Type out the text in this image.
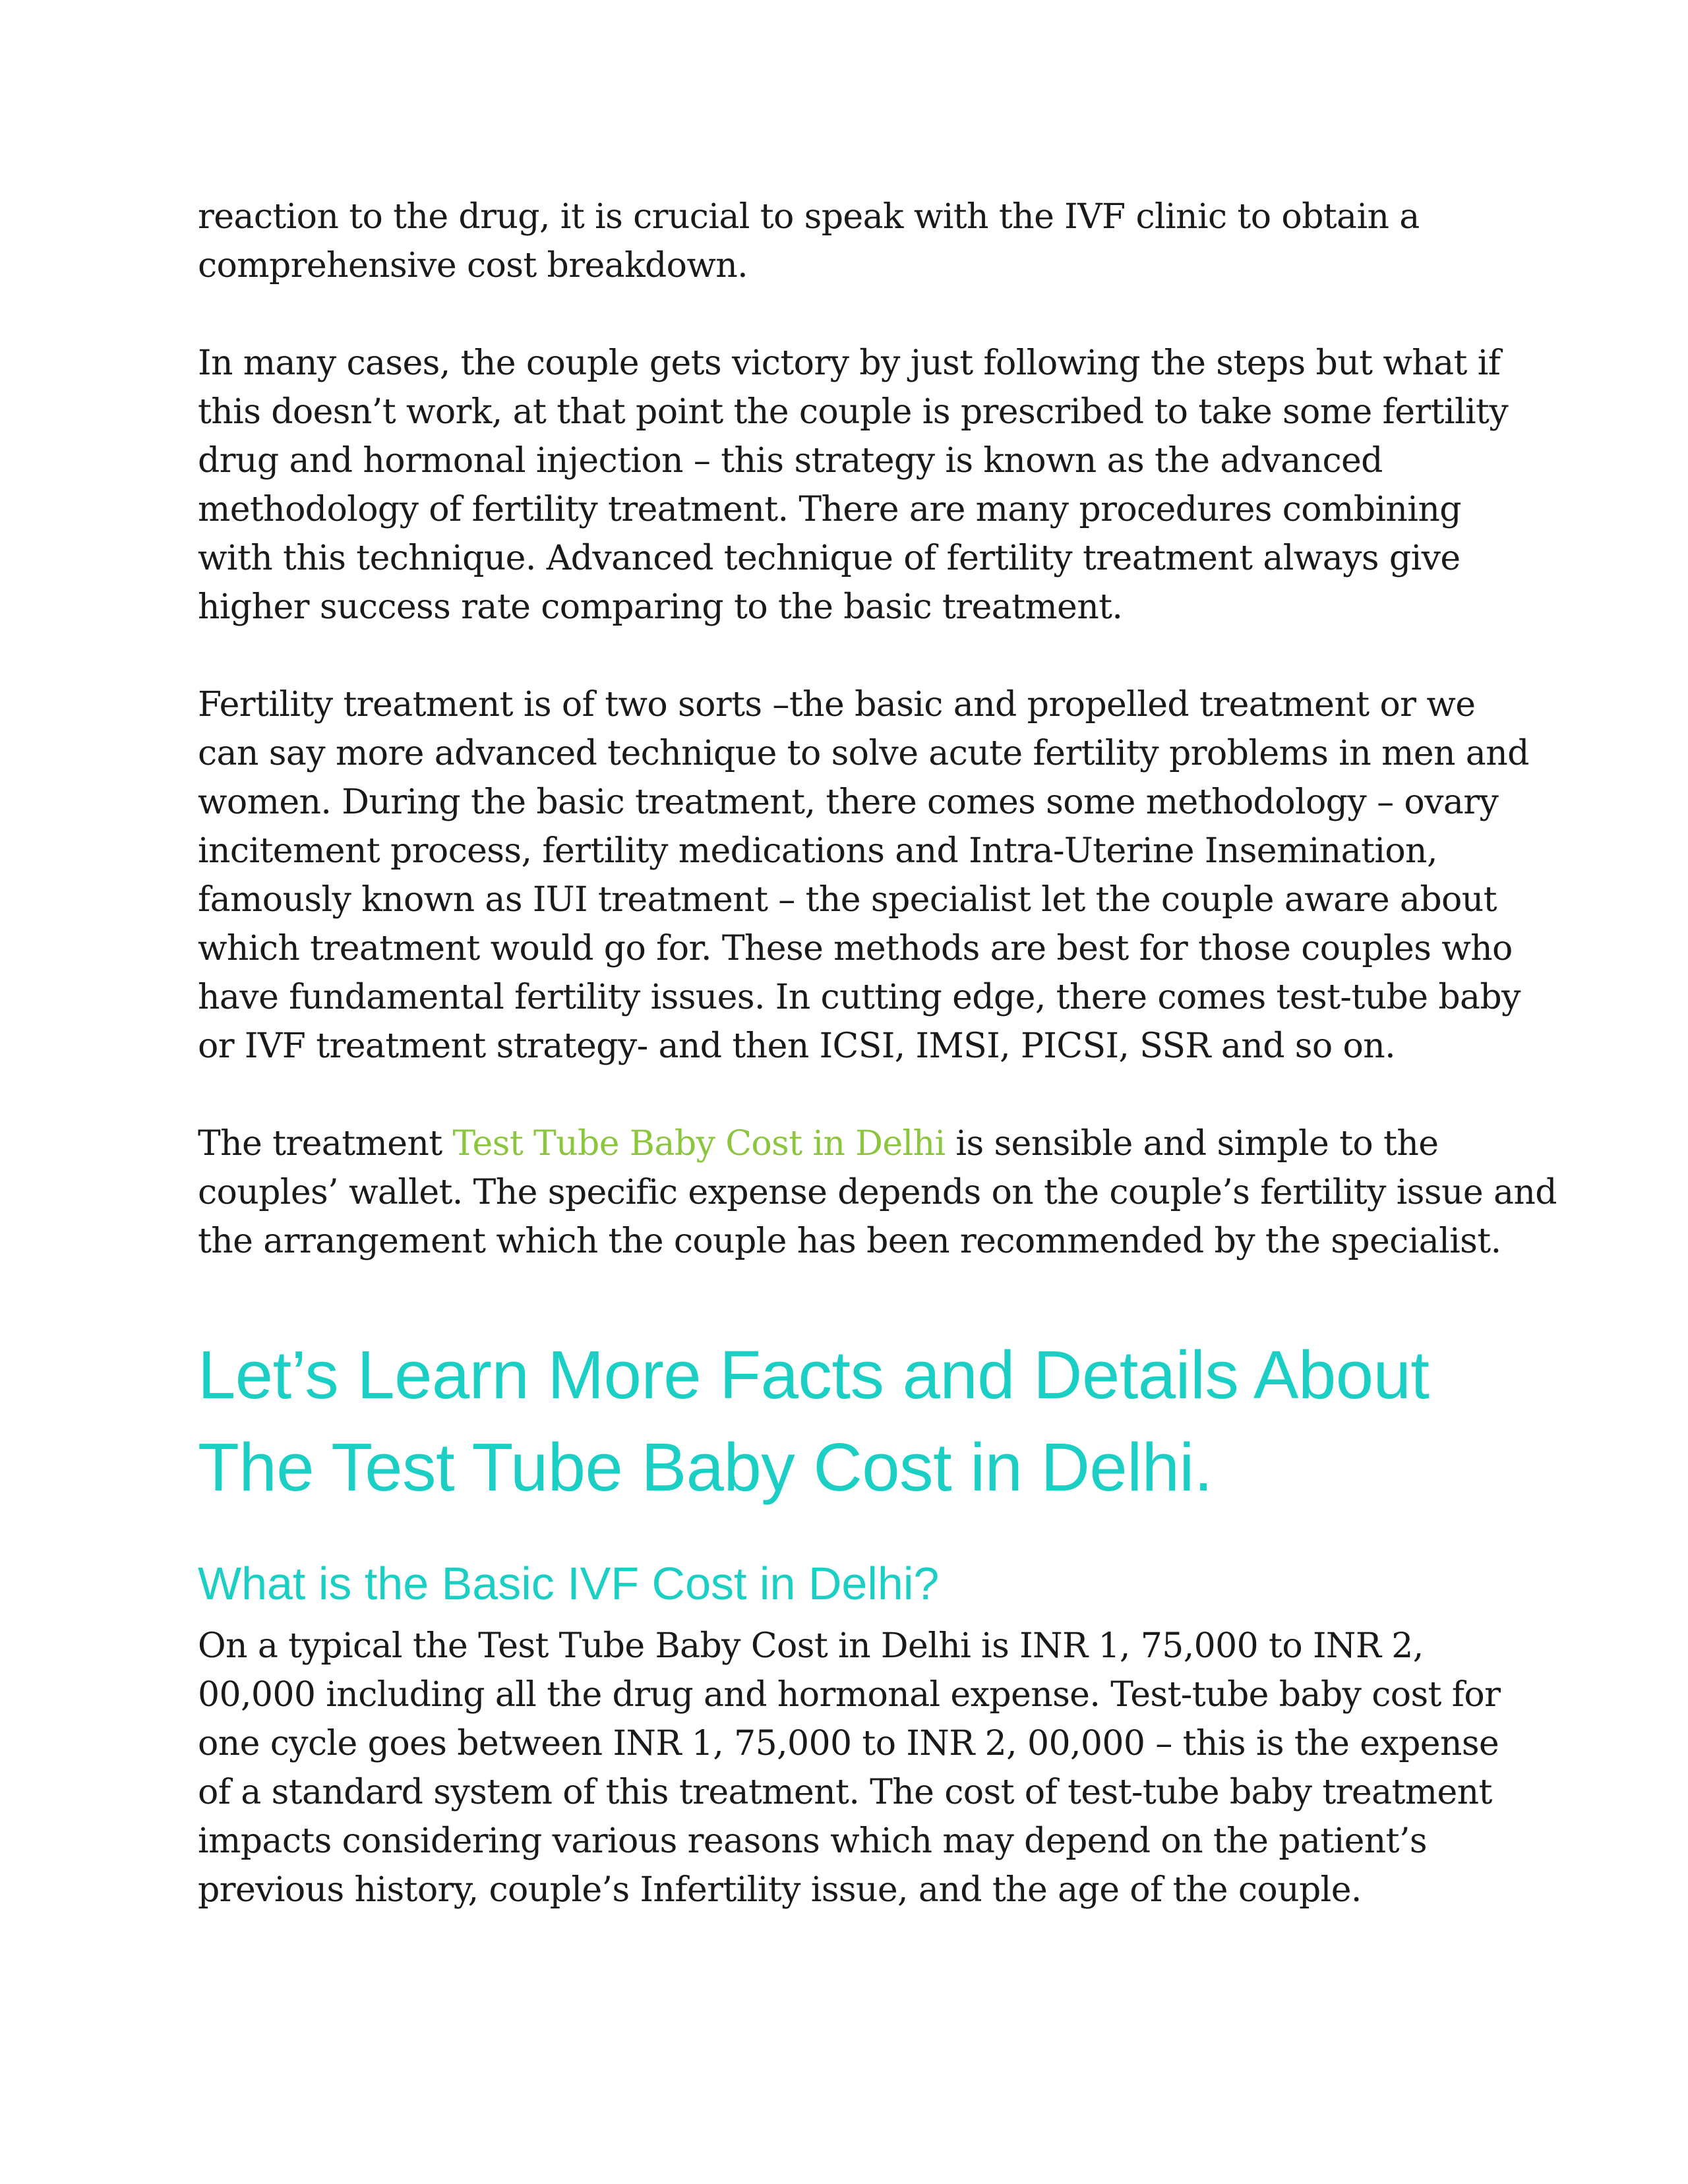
reaction to the drug, it is crucial to speak with the IVF clinic to obtain a
comprehensive cost breakdown.

In many cases, the couple gets victory by just following the steps but what if
this doesn’t work, at that point the couple is prescribed to take some fertility
drug and hormonal injection – this strategy is known as the advanced
methodology of fertility treatment. There are many procedures combining
with this technique. Advanced technique of fertility treatment always give
higher success rate comparing to the basic treatment.

Fertility treatment is of two sorts –the basic and propelled treatment or we
can say more advanced technique to solve acute fertility problems in men and
women. During the basic treatment, there comes some methodology – ovary
incitement process, fertility medications and Intra-Uterine Insemination,
famously known as IUI treatment – the specialist let the couple aware about
which treatment would go for. These methods are best for those couples who
have fundamental fertility issues. In cutting edge, there comes test-tube baby
or IVF treatment strategy- and then ICSI, IMSI, PICSI, SSR and so on.

The treatment Test Tube Baby Cost in Delhi is sensible and simple to the
couples’ wallet. The specific expense depends on the couple’s fertility issue and
the arrangement which the couple has been recommended by the specialist.

Let’s Learn More Facts and Details About
The Test Tube Baby Cost in Delhi.
What is the Basic IVF Cost in Delhi?

On a typical the Test Tube Baby Cost in Delhi is INR 1, 75,000 to INR 2,
00,000 including all the drug and hormonal expense. Test-tube baby cost for
one cycle goes between INR 1, 75,000 to INR 2, 00,000 – this is the expense
of a standard system of this treatment. The cost of test-tube baby treatment
impacts considering various reasons which may depend on the patient’s
previous history, couple’s Infertility issue, and the age of the couple.
